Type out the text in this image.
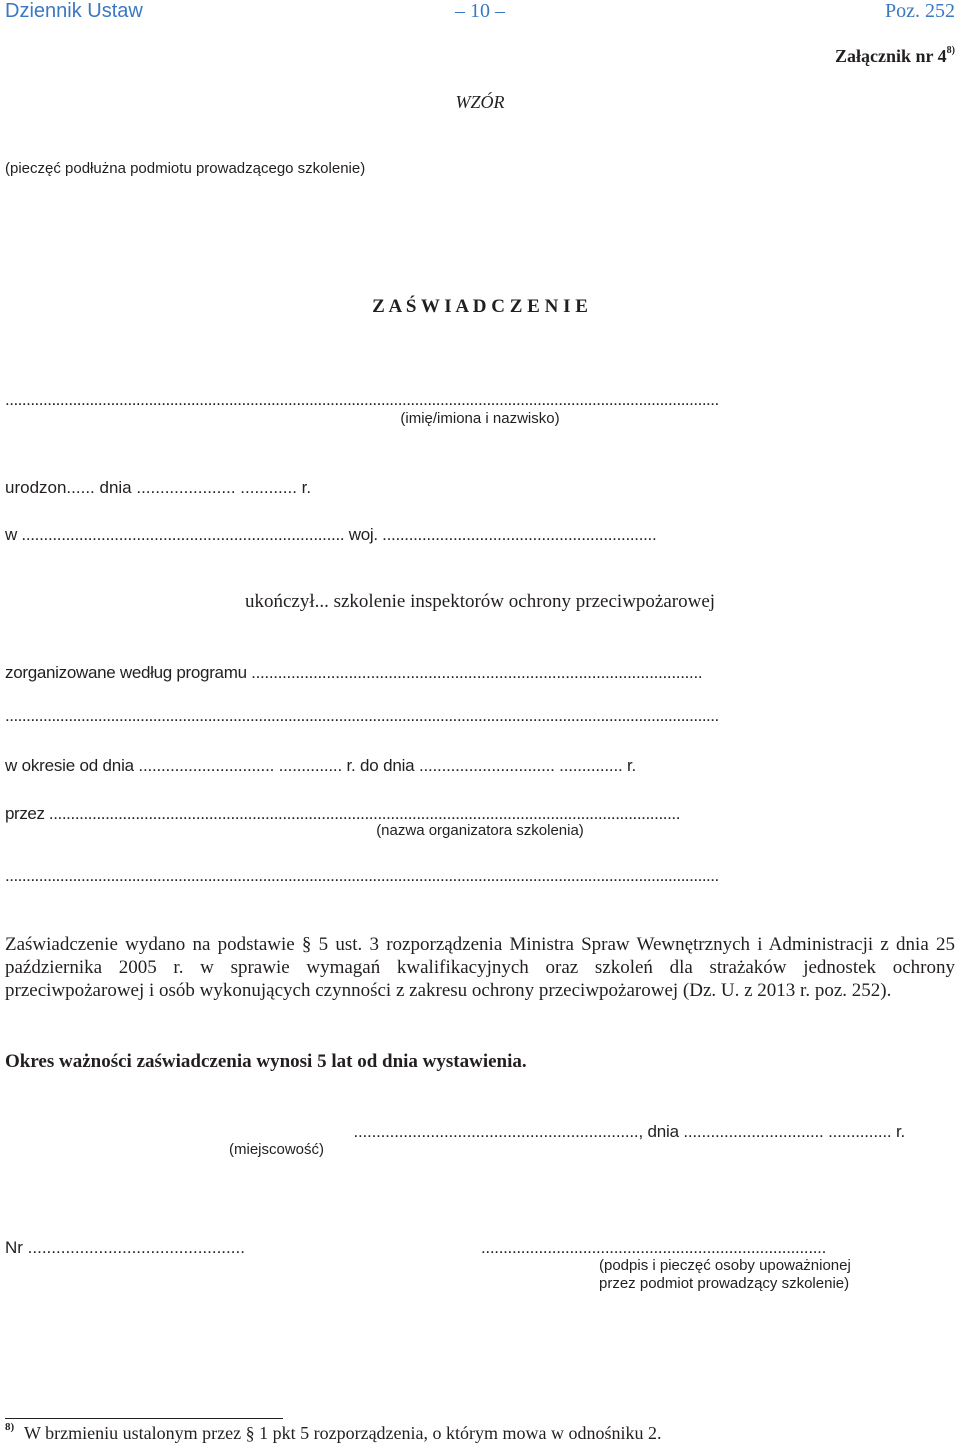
Dziennik Ustaw	– 10 –	Poz. 252
Załącznik nr 4$^{8)}$
WZÓR
(pieczęć podłużna podmiotu prowadzącego szkolenie)
Z A Ś W I A D C Z E N I E
.........................................................................................................................................................................
(imię/imiona i nazwisko)
urodzon...... dnia ..................... ............ r.
w ......................................................................... woj. ..............................................................
ukończył... szkolenie inspektorów ochrony przeciwpożarowej
zorganizowane według programu ......................................................................................................
.........................................................................................................................................................................
w okresie od dnia .............................. .............. r. do dnia .............................. .............. r.
przez ..................................................................................................................................................
(nazwa organizatora szkolenia)
.........................................................................................................................................................................
Zaświadczenie wydano na podstawie § 5 ust. 3 rozporządzenia Ministra Spraw Wewnętrznych i Administracji z dnia 25 października 2005 r. w sprawie wymagań kwalifikacyjnych oraz szkoleń dla strażaków jednostek ochrony przeciwpożarowej i osób wykonujących czynności z zakresu ochrony przeciwpożarowej (Dz. U. z 2013 r. poz. 252).
Okres ważności zaświadczenia wynosi 5 lat od dnia wystawienia.
..............................................................., dnia ............................... .............. r.
(miejscowość)
Nr ..............................................	..............................................................................
(podpis i pieczęć osoby upoważnionej
przez podmiot prowadzący szkolenie)
8) W brzmieniu ustalonym przez § 1 pkt 5 rozporządzenia, o którym mowa w odnośniku 2.
